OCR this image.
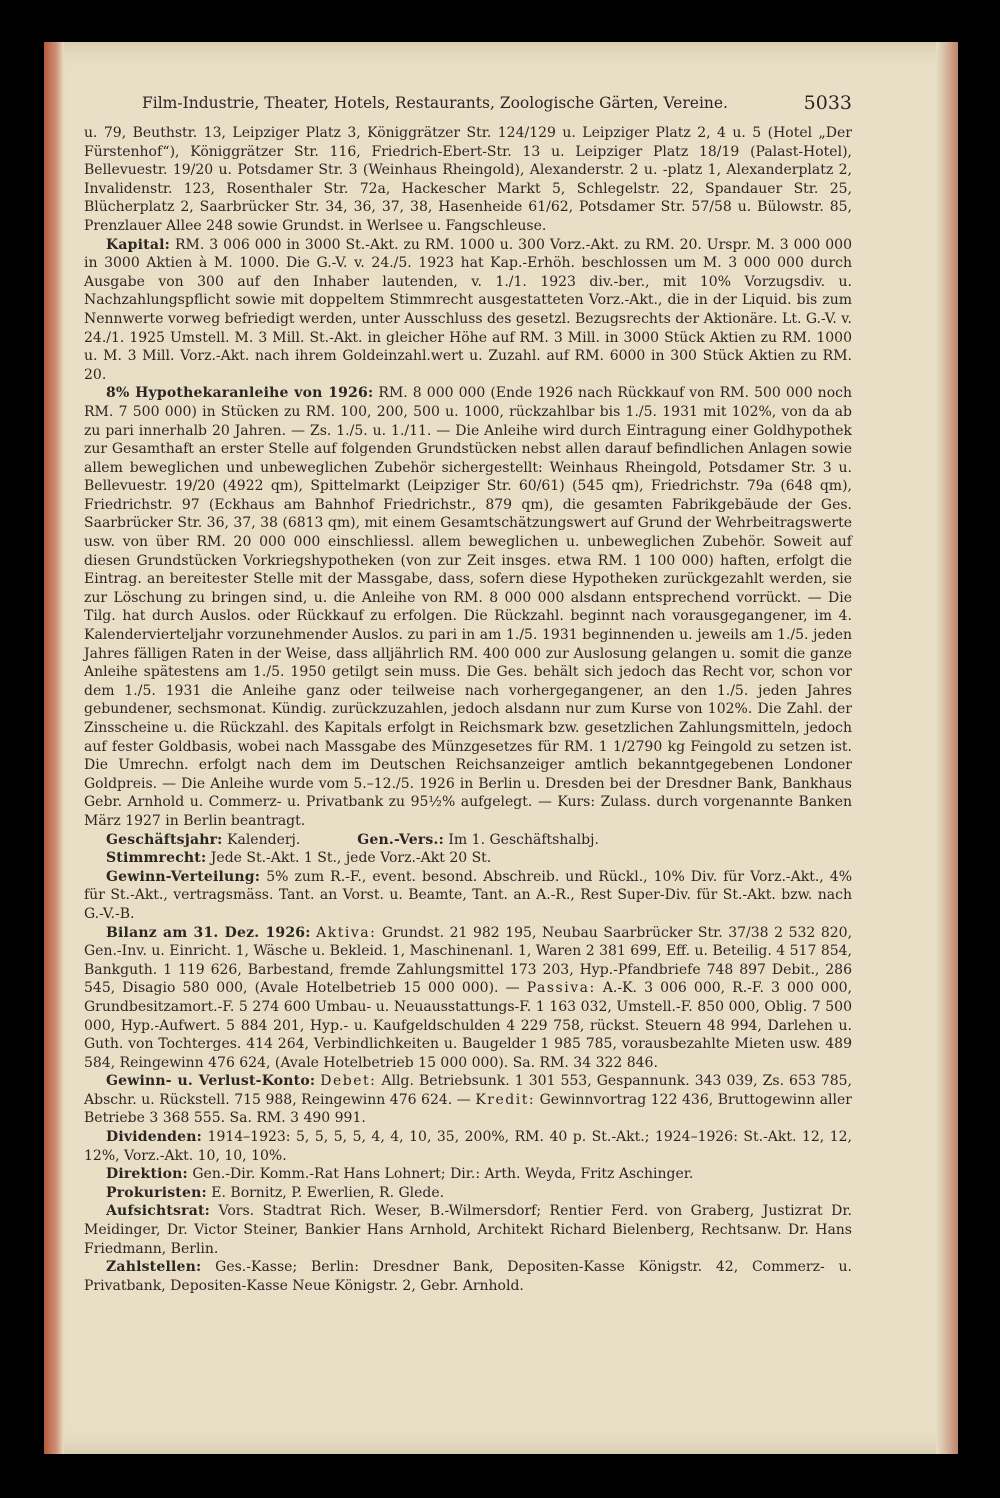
Film-Industrie, Theater, Hotels, Restaurants, Zoologische Gärten, Vereine.	5033

u. 79, Beuthstr. 13, Leipziger Platz 3, Königgrätzer Str. 124/129 u. Leipziger Platz 2, 4 u. 5 (Hotel „Der Fürstenhof“), Königgrätzer Str. 116, Friedrich-Ebert-Str. 13 u. Leipziger Platz 18/19 (Palast-Hotel), Bellevuestr. 19/20 u. Potsdamer Str. 3 (Weinhaus Rheingold), Alexanderstr. 2 u. -platz 1, Alexanderplatz 2, Invalidenstr. 123, Rosenthaler Str. 72a, Hackescher Markt 5, Schlegelstr. 22, Spandauer Str. 25, Blücherplatz 2, Saarbrücker Str. 34, 36, 37, 38, Hasenheide 61/62, Potsdamer Str. 57/58 u. Bülowstr. 85, Prenzlauer Allee 248 sowie Grundst. in Werlsee u. Fangschleuse.

Kapital: RM. 3 006 000 in 3000 St.-Akt. zu RM. 1000 u. 300 Vorz.-Akt. zu RM. 20. Urspr. M. 3 000 000 in 3000 Aktien à M. 1000. Die G.-V. v. 24./5. 1923 hat Kap.-Erhöh. beschlossen um M. 3 000 000 durch Ausgabe von 300 auf den Inhaber lautenden, v. 1./1. 1923 div.-ber., mit 10% Vorzugsdiv. u. Nachzahlungspflicht sowie mit doppeltem Stimmrecht ausgestatteten Vorz.-Akt., die in der Liquid. bis zum Nennwerte vorweg befriedigt werden, unter Ausschluss des gesetzl. Bezugsrechts der Aktionäre. Lt. G.-V. v. 24./1. 1925 Umstell. M. 3 Mill. St.-Akt. in gleicher Höhe auf RM. 3 Mill. in 3000 Stück Aktien zu RM. 1000 u. M. 3 Mill. Vorz.-Akt. nach ihrem Goldeinzahl.wert u. Zuzahl. auf RM. 6000 in 300 Stück Aktien zu RM. 20.

8% Hypothekaranleihe von 1926: RM. 8 000 000 (Ende 1926 nach Rückkauf von RM. 500 000 noch RM. 7 500 000) in Stücken zu RM. 100, 200, 500 u. 1000, rückzahlbar bis 1./5. 1931 mit 102%, von da ab zu pari innerhalb 20 Jahren. — Zs. 1./5. u. 1./11. — Die Anleihe wird durch Eintragung einer Goldhypothek zur Gesamthaft an erster Stelle auf folgenden Grundstücken nebst allen darauf befindlichen Anlagen sowie allem beweglichen und unbeweglichen Zubehör sichergestellt: Weinhaus Rheingold, Potsdamer Str. 3 u. Bellevuestr. 19/20 (4922 qm), Spittelmarkt (Leipziger Str. 60/61) (545 qm), Friedrichstr. 79a (648 qm), Friedrichstr. 97 (Eckhaus am Bahnhof Friedrichstr., 879 qm), die gesamten Fabrikgebäude der Ges. Saarbrücker Str. 36, 37, 38 (6813 qm), mit einem Gesamtschätzungswert auf Grund der Wehrbeitragswerte usw. von über RM. 20 000 000 einschliessl. allem beweglichen u. unbeweglichen Zubehör. Soweit auf diesen Grundstücken Vorkriegshypotheken (von zur Zeit insges. etwa RM. 1 100 000) haften, erfolgt die Eintrag. an bereitester Stelle mit der Massgabe, dass, sofern diese Hypotheken zurückgezahlt werden, sie zur Löschung zu bringen sind, u. die Anleihe von RM. 8 000 000 alsdann entsprechend vorrückt. — Die Tilg. hat durch Auslos. oder Rückkauf zu erfolgen. Die Rückzahl. beginnt nach vorausgegangener, im 4. Kalendervierteljahr vorzunehmender Auslos. zu pari in am 1./5. 1931 beginnenden u. jeweils am 1./5. jeden Jahres fälligen Raten in der Weise, dass alljährlich RM. 400 000 zur Auslosung gelangen u. somit die ganze Anleihe spätestens am 1./5. 1950 getilgt sein muss. Die Ges. behält sich jedoch das Recht vor, schon vor dem 1./5. 1931 die Anleihe ganz oder teilweise nach vorhergegangener, an den 1./5. jeden Jahres gebundener, sechsmonat. Kündig. zurückzuzahlen, jedoch alsdann nur zum Kurse von 102%. Die Zahl. der Zinsscheine u. die Rückzahl. des Kapitals erfolgt in Reichsmark bzw. gesetzlichen Zahlungsmitteln, jedoch auf fester Goldbasis, wobei nach Massgabe des Münzgesetzes für RM. 1 1/2790 kg Feingold zu setzen ist. Die Umrechn. erfolgt nach dem im Deutschen Reichsanzeiger amtlich bekanntgegebenen Londoner Goldpreis. — Die Anleihe wurde vom 5.–12./5. 1926 in Berlin u. Dresden bei der Dresdner Bank, Bankhaus Gebr. Arnhold u. Commerz- u. Privatbank zu 95½% aufgelegt. — Kurs: Zulass. durch vorgenannte Banken März 1927 in Berlin beantragt.

Geschäftsjahr: Kalenderj.	Gen.-Vers.: Im 1. Geschäftshalbj.

Stimmrecht: Jede St.-Akt. 1 St., jede Vorz.-Akt 20 St.

Gewinn-Verteilung: 5% zum R.-F., event. besond. Abschreib. und Rückl., 10% Div. für Vorz.-Akt., 4% für St.-Akt., vertragsmäss. Tant. an Vorst. u. Beamte, Tant. an A.-R., Rest Super-Div. für St.-Akt. bzw. nach G.-V.-B.

Bilanz am 31. Dez. 1926: Aktiva: Grundst. 21 982 195, Neubau Saarbrücker Str. 37/38 2 532 820, Gen.-Inv. u. Einricht. 1, Wäsche u. Bekleid. 1, Maschinenanl. 1, Waren 2 381 699, Eff. u. Beteilig. 4 517 854, Bankguth. 1 119 626, Barbestand, fremde Zahlungsmittel 173 203, Hyp.-Pfandbriefe 748 897 Debit., 286 545, Disagio 580 000, (Avale Hotelbetrieb 15 000 000). — Passiva: A.-K. 3 006 000, R.-F. 3 000 000, Grundbesitzamort.-F. 5 274 600 Umbau- u. Neuausstattungs-F. 1 163 032, Umstell.-F. 850 000, Oblig. 7 500 000, Hyp.-Aufwert. 5 884 201, Hyp.- u. Kaufgeldschulden 4 229 758, rückst. Steuern 48 994, Darlehen u. Guth. von Tochterges. 414 264, Verbindlichkeiten u. Baugelder 1 985 785, vorausbezahlte Mieten usw. 489 584, Reingewinn 476 624, (Avale Hotelbetrieb 15 000 000). Sa. RM. 34 322 846.

Gewinn- u. Verlust-Konto: Debet: Allg. Betriebsunk. 1 301 553, Gespannunk. 343 039, Zs. 653 785, Abschr. u. Rückstell. 715 988, Reingewinn 476 624. — Kredit: Gewinnvortrag 122 436, Bruttogewinn aller Betriebe 3 368 555. Sa. RM. 3 490 991.

Dividenden: 1914–1923: 5, 5, 5, 5, 4, 4, 10, 35, 200%, RM. 40 p. St.-Akt.; 1924–1926: St.-Akt. 12, 12, 12%, Vorz.-Akt. 10, 10, 10%.

Direktion: Gen.-Dir. Komm.-Rat Hans Lohnert; Dir.: Arth. Weyda, Fritz Aschinger.

Prokuristen: E. Bornitz, P. Ewerlien, R. Glede.

Aufsichtsrat: Vors. Stadtrat Rich. Weser, B.-Wilmersdorf; Rentier Ferd. von Graberg, Justizrat Dr. Meidinger, Dr. Victor Steiner, Bankier Hans Arnhold, Architekt Richard Bielenberg, Rechtsanw. Dr. Hans Friedmann, Berlin.

Zahlstellen: Ges.-Kasse; Berlin: Dresdner Bank, Depositen-Kasse Königstr. 42, Commerz- u. Privatbank, Depositen-Kasse Neue Königstr. 2, Gebr. Arnhold.
